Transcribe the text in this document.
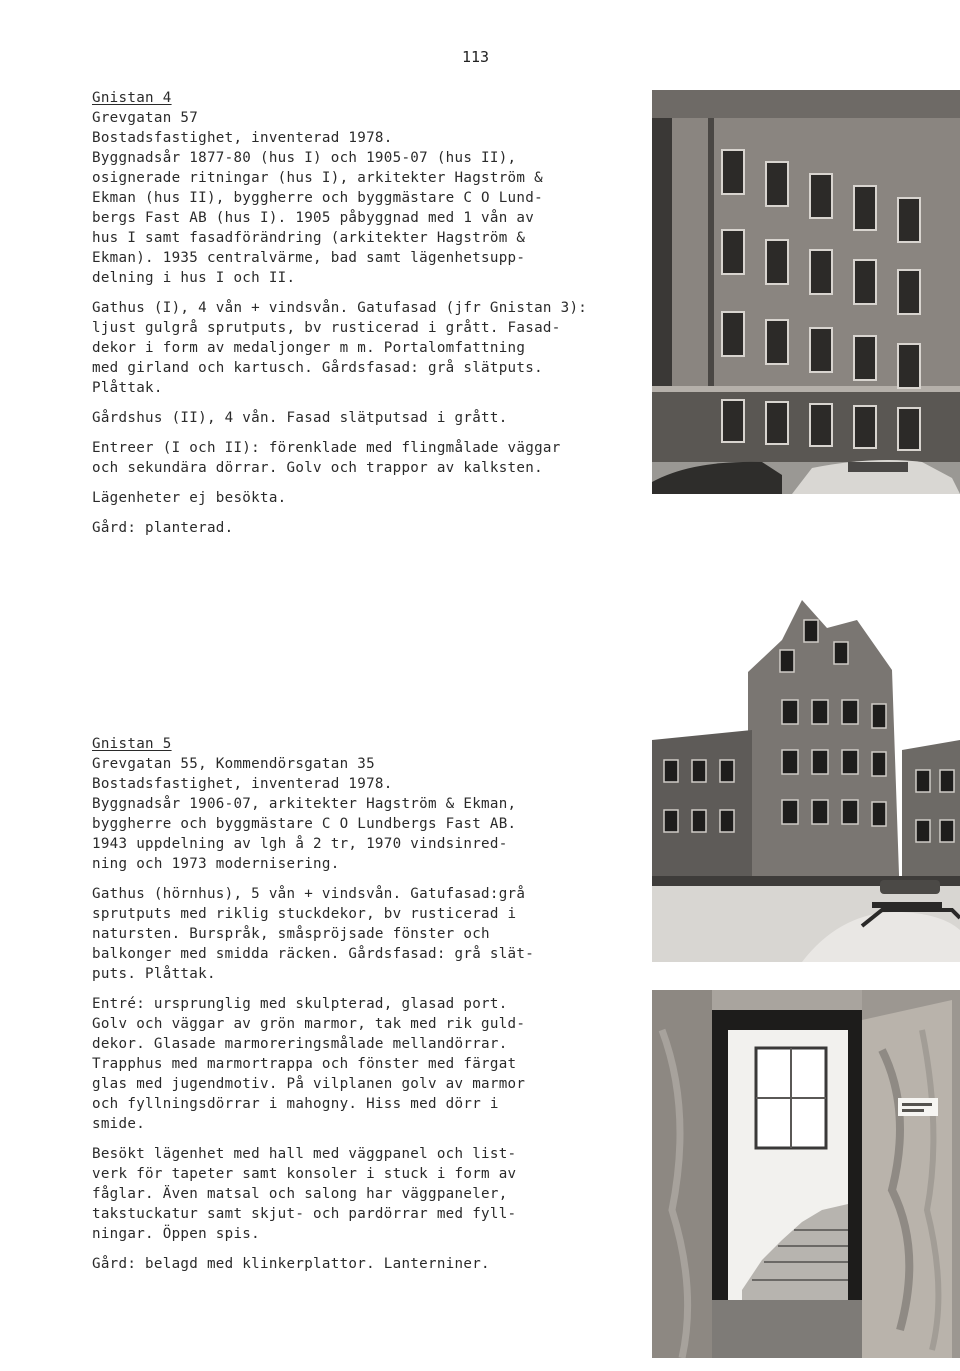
113

Gnistan 4

Grevgatan 57

Bostadsfastighet, inventerad 1978.

Byggnadsår 1877-80 (hus I) och 1905-07 (hus II),

osignerade ritningar (hus I), arkitekter Hagström &

Ekman (hus II), byggherre och byggmästare C O Lund-

bergs Fast AB (hus I). 1905 påbyggnad med 1 vån av

hus I samt fasadförändring (arkitekter Hagström &

Ekman). 1935 centralvärme, bad samt lägenhetsupp-

delning i hus I och II.

Gathus (I), 4 vån + vindsvån. Gatufasad (jfr Gnistan 3):

ljust gulgrå sprutputs, bv rusticerad i grått. Fasad-

dekor i form av medaljonger m m. Portalomfattning

med girland och kartusch. Gårdsfasad: grå slätputs.

Plåttak.

Gårdshus (II), 4 vån. Fasad slätputsad i grått.

Entreer (I och II): förenklade med flingmålade väggar

och sekundära dörrar. Golv och trappor av kalksten.

Lägenheter ej besökta.

Gård: planterad.

Gnistan 5

Grevgatan 55, Kommendörsgatan 35

Bostadsfastighet, inventerad 1978.

Byggnadsår 1906-07, arkitekter Hagström & Ekman,

byggherre och byggmästare C O Lundbergs Fast AB.

1943 uppdelning av lgh å 2 tr, 1970 vindsinred-

ning och 1973 modernisering.

Gathus (hörnhus), 5 vån + vindsvån. Gatufasad:grå

sprutputs med riklig stuckdekor, bv rusticerad i

natursten. Burspråk, småspröjsade fönster och

balkonger med smidda räcken. Gårdsfasad: grå slät-

puts. Plåttak.

Entré: ursprunglig med skulpterad, glasad port.

Golv och väggar av grön marmor, tak med rik guld-

dekor. Glasade marmoreringsmålade mellandörrar.

Trapphus med marmortrappa och fönster med färgat

glas med jugendmotiv. På vilplanen golv av marmor

och fyllningsdörrar i mahogny. Hiss med dörr i

smide.

Besökt lägenhet med hall med väggpanel och list-

verk för tapeter samt konsoler i stuck i form av

fåglar. Även matsal och salong har väggpaneler,

takstuckatur samt skjut- och pardörrar med fyll-

ningar. Öppen spis.

Gård: belagd med klinkerplattor. Lanterniner.
